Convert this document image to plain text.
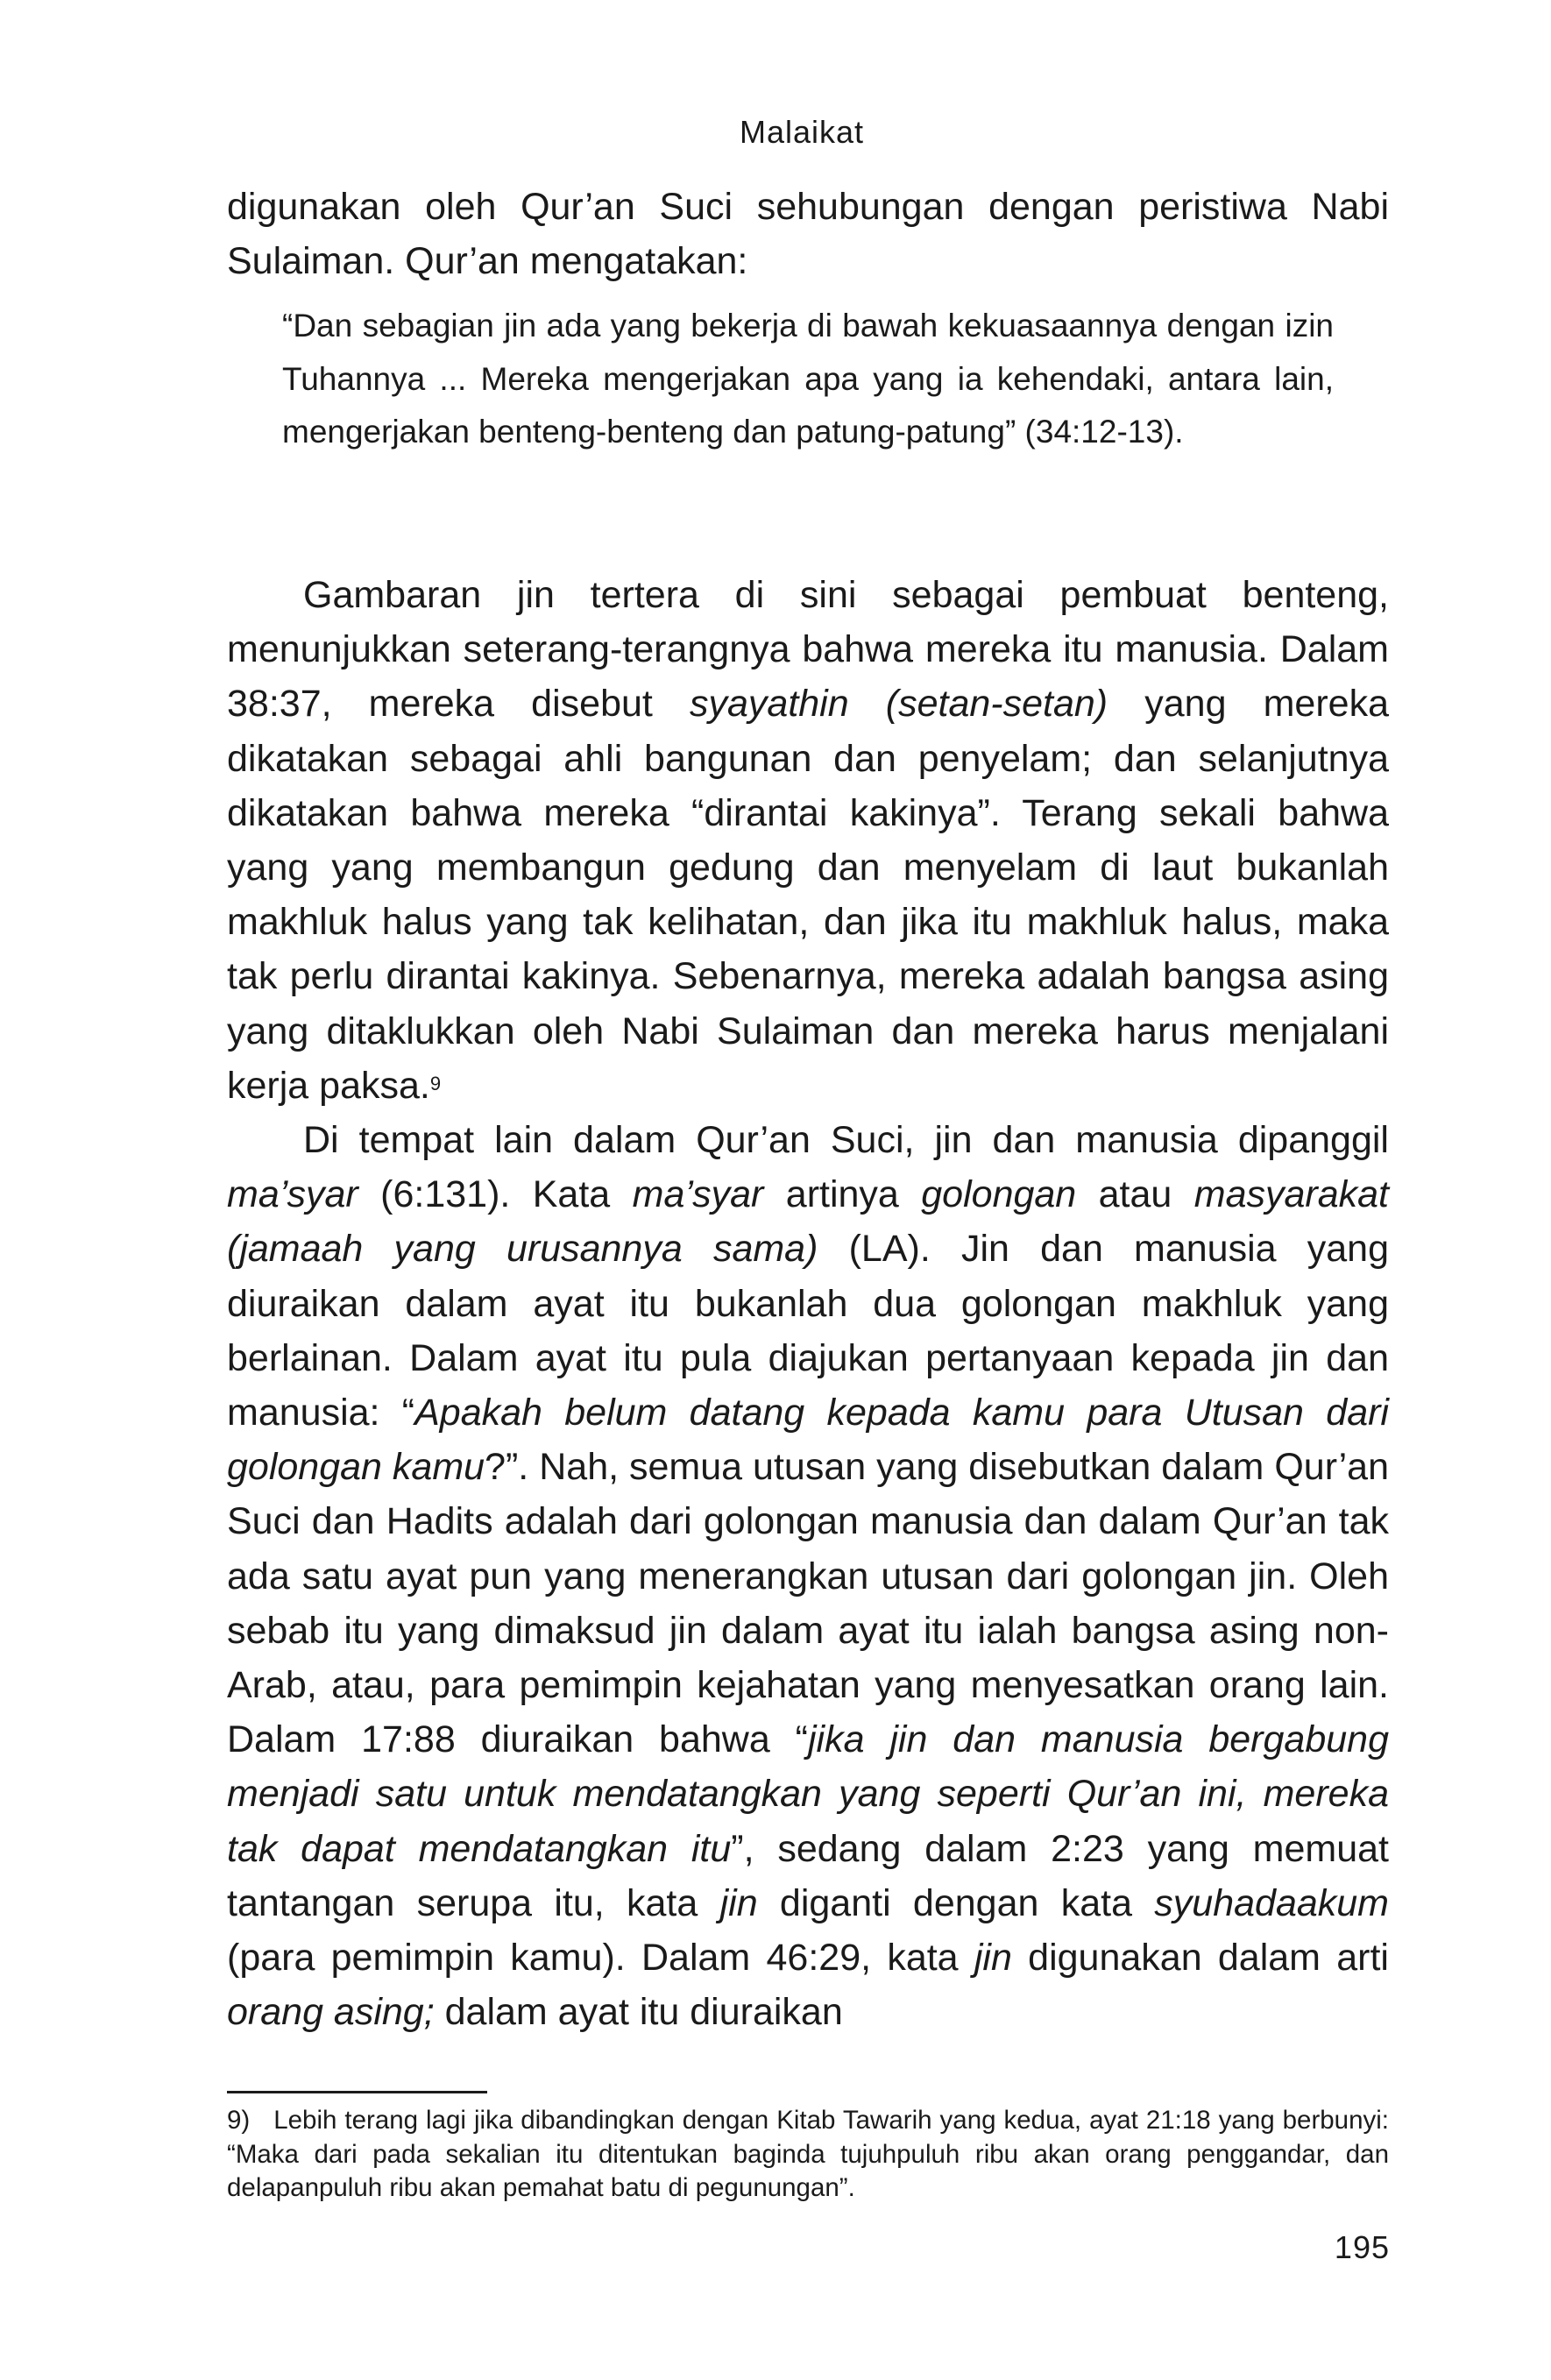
Malaikat

digunakan oleh Qur’an Suci sehubungan dengan peristiwa Nabi Sulaiman. Qur’an mengatakan:

“Dan sebagian jin ada yang bekerja di bawah kekuasaannya dengan izin Tuhannya ... Mereka mengerjakan apa yang ia kehendaki, antara lain, mengerjakan benteng-benteng dan patung-patung” (34:12-13).

Gambaran jin tertera di sini sebagai pembuat benteng, menunjukkan seterang-terangnya bahwa mereka itu manusia. Dalam 38:37, mereka disebut syayathin (setan-setan) yang mereka dikatakan sebagai ahli bangunan dan penyelam; dan selanjutnya dikatakan bahwa mereka “dirantai kakinya”. Terang sekali bahwa yang yang membangun gedung dan menyelam di laut bukanlah makhluk halus yang tak kelihatan, dan jika itu makhluk halus, maka tak perlu dirantai kakinya. Sebenarnya, mereka adalah bangsa asing yang ditaklukkan oleh Nabi Sulaiman dan mereka harus menjalani kerja paksa.$^9$

Di tempat lain dalam Qur’an Suci, jin dan manusia dipanggil ma’syar (6:131). Kata ma’syar artinya golongan atau masyarakat (jamaah yang urusannya sama) (LA). Jin dan manusia yang diuraikan dalam ayat itu bukanlah dua golongan makhluk yang berlainan. Dalam ayat itu pula diajukan pertanyaan kepada jin dan manusia: “Apakah belum datang kepada kamu para Utusan dari golongan kamu?”. Nah, semua utusan yang disebutkan dalam Qur’an Suci dan Hadits adalah dari golongan manusia dan dalam Qur’an tak ada satu ayat pun yang menerangkan utusan dari golongan jin. Oleh sebab itu yang dimaksud jin dalam ayat itu ialah bangsa asing non-Arab, atau, para pemimpin kejahatan yang menyesatkan orang lain. Dalam 17:88 diuraikan bahwa “jika jin dan manusia bergabung menjadi satu untuk mendatangkan yang seperti Qur’an ini, mereka tak dapat mendatangkan itu”, sedang dalam 2:23 yang memuat tantangan serupa itu, kata jin diganti dengan kata syuhadaakum (para pemimpin kamu). Dalam 46:29, kata jin digunakan dalam arti orang asing; dalam ayat itu diuraikan

9) Lebih terang lagi jika dibandingkan dengan Kitab Tawarih yang kedua, ayat 21:18 yang berbunyi: “Maka dari pada sekalian itu ditentukan baginda tujuhpuluh ribu akan orang penggandar, dan delapanpuluh ribu akan pemahat batu di pegunungan”.

195
